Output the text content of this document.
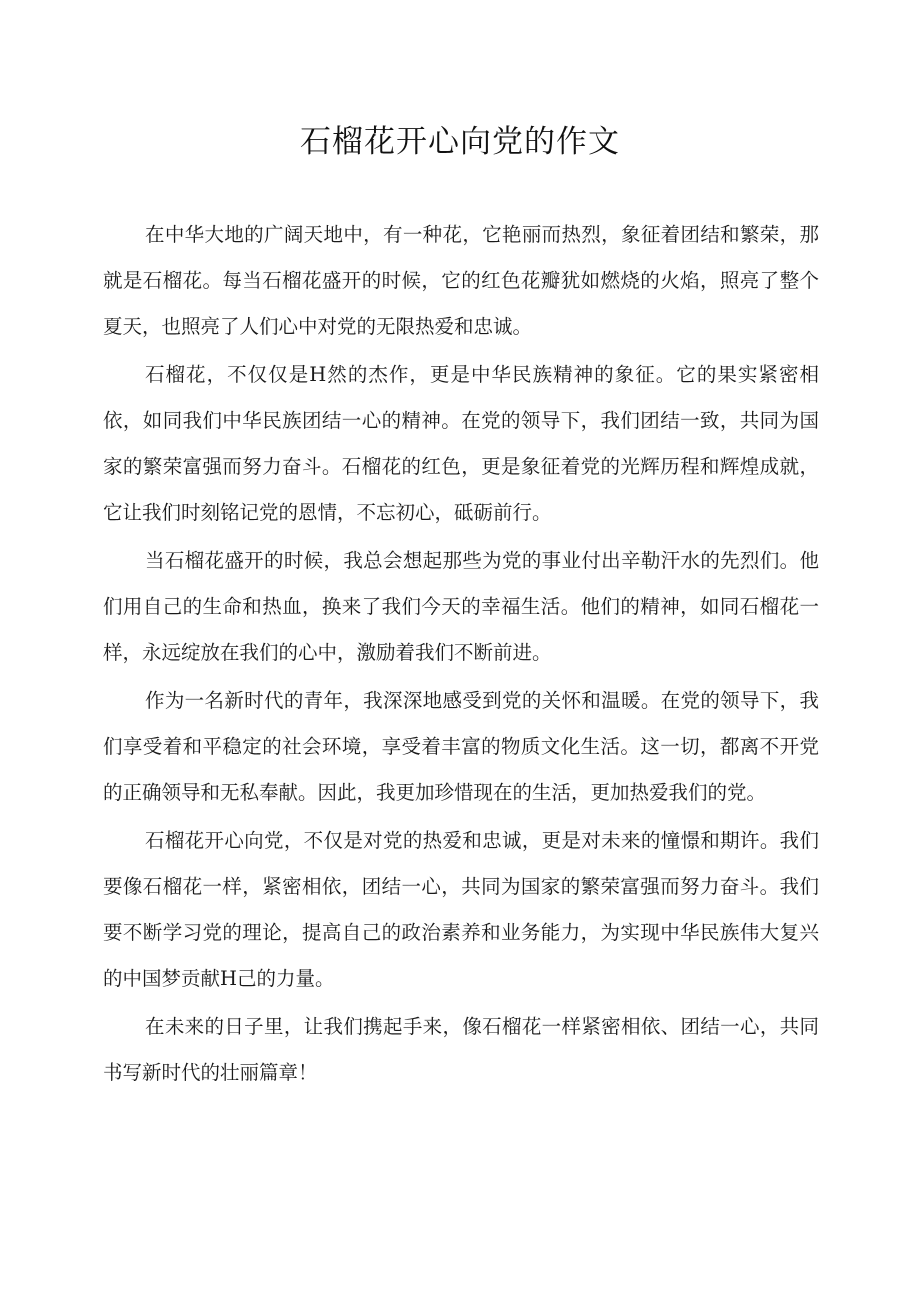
石榴花开心向党的作文

在中华大地的广阔天地中，有一种花，它艳丽而热烈，象征着团结和繁荣，那就是石榴花。每当石榴花盛开的时候，它的红色花瓣犹如燃烧的火焰，照亮了整个夏天，也照亮了人们心中对党的无限热爱和忠诚。

石榴花，不仅仅是H然的杰作，更是中华民族精神的象征。它的果实紧密相依，如同我们中华民族团结一心的精神。在党的领导下，我们团结一致，共同为国家的繁荣富强而努力奋斗。石榴花的红色，更是象征着党的光辉历程和辉煌成就，它让我们时刻铭记党的恩情，不忘初心，砥砺前行。

当石榴花盛开的时候，我总会想起那些为党的事业付出辛勒汗水的先烈们。他们用自己的生命和热血，换来了我们今天的幸福生活。他们的精神，如同石榴花一样，永远绽放在我们的心中，激励着我们不断前进。

作为一名新时代的青年，我深深地感受到党的关怀和温暖。在党的领导下，我们享受着和平稳定的社会环境，享受着丰富的物质文化生活。这一切，都离不开党的正确领导和无私奉献。因此，我更加珍惜现在的生活，更加热爱我们的党。

石榴花开心向党，不仅是对党的热爱和忠诚，更是对未来的憧憬和期许。我们要像石榴花一样，紧密相依，团结一心，共同为国家的繁荣富强而努力奋斗。我们要不断学习党的理论，提高自己的政治素养和业务能力，为实现中华民族伟大复兴的中国梦贡献H己的力量。

在未来的日子里，让我们携起手来，像石榴花一样紧密相依、团结一心，共同书写新时代的壮丽篇章！
